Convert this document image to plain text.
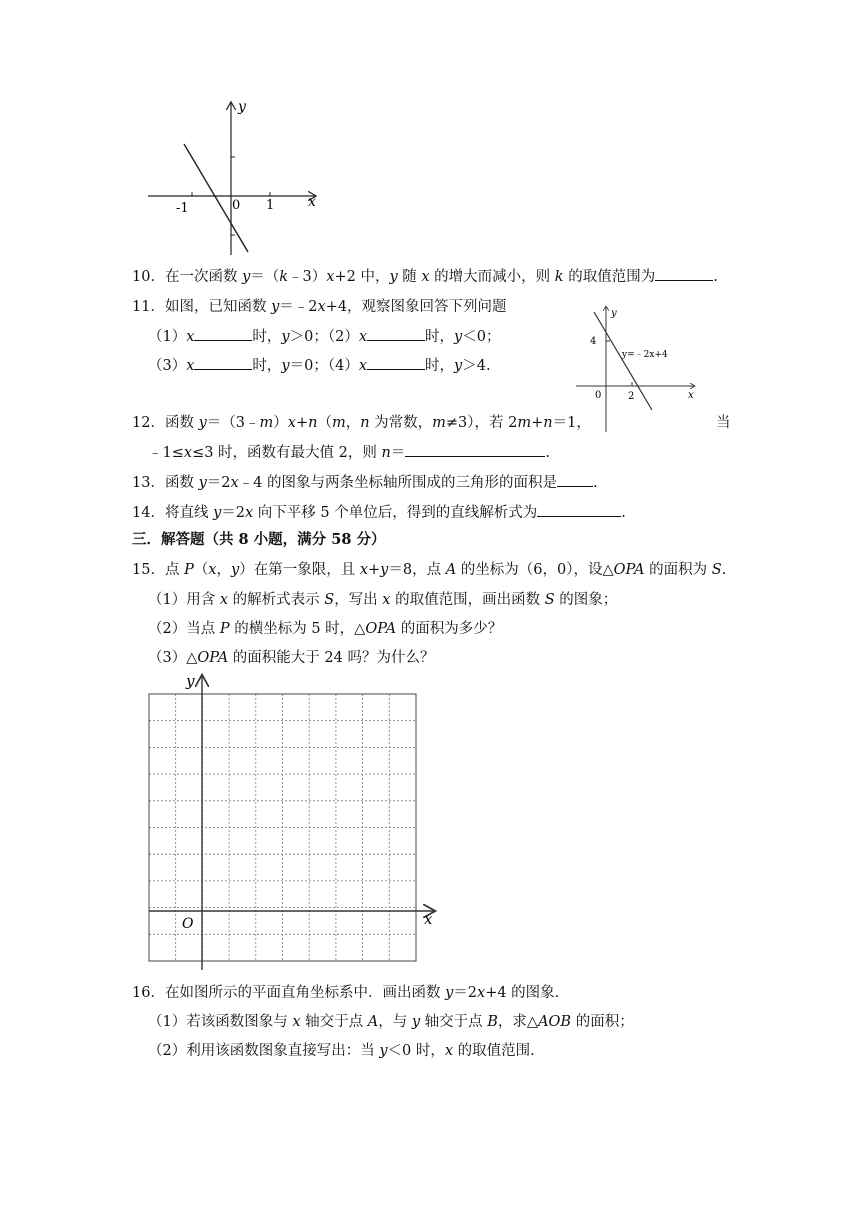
y
x
-1	0 1
10．在一次函数 y＝（k﹣3）x+2 中，y 随 x 的增大而减小，则 k 的取值范围为	.
11．如图，已知函数 y＝﹣2x+4，观察图象回答下列问题
（1）x	时，y＞0；（2）x	时，y＜0；
（3）x	时，y＝0；（4）x	时，y＞4.
y
x
4
0	2
y=﹣2x+4
12．函数 y＝（3﹣m）x+n（m，n 为常数，m≠3），若 2m+n＝1，	当
﹣1≤x≤3 时，函数有最大值 2，则 n＝	.
13．函数 y＝2x﹣4 的图象与两条坐标轴所围成的三角形的面积是 .
14．将直线 y＝2x 向下平移 5 个单位后，得到的直线解析式为	.
三．解答题（共 8 小题，满分 58 分）
15．点 P（x，y）在第一象限，且 x+y＝8，点 A 的坐标为（6，0），设△OPA 的面积为 S.
（1）用含 x 的解析式表示 S，写出 x 的取值范围，画出函数 S 的图象；
（2）当点 P 的横坐标为 5 时，△OPA 的面积为多少？
（3）△OPA 的面积能大于 24 吗？为什么？
y
x
O
16．在如图所示的平面直角坐标系中．画出函数 y＝2x+4 的图象．
（1）若该函数图象与 x 轴交于点 A，与 y 轴交于点 B，求△AOB 的面积；
（2）利用该函数图象直接写出：当 y＜0 时，x 的取值范围．
